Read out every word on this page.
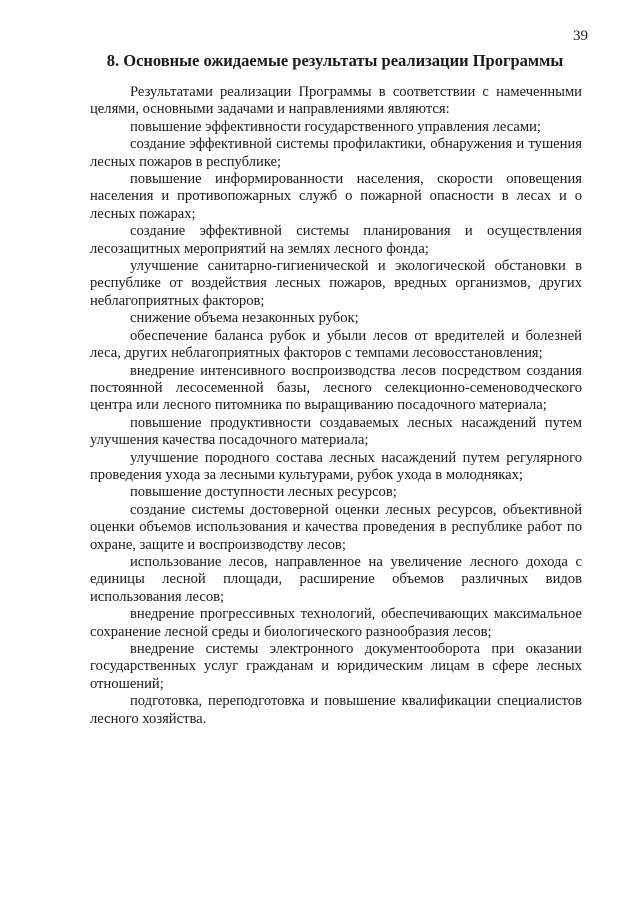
39
8. Основные ожидаемые результаты реализации Программы

Результатами реализации Программы в соответствии с намеченными целями, основными задачами и направлениями являются:

повышение эффективности государственного управления лесами;

создание эффективной системы профилактики, обнаружения и тушения лесных пожаров в республике;

повышение информированности населения, скорости оповещения населения и противопожарных служб о пожарной опасности в лесах и о лесных пожарах;

создание эффективной системы планирования и осуществления лесозащитных мероприятий на землях лесного фонда;

улучшение санитарно-гигиенической и экологической обстановки в республике от воздействия лесных пожаров, вредных организмов, других неблагоприятных факторов;

снижение объема незаконных рубок;

обеспечение баланса рубок и убыли лесов от вредителей и болезней леса, других неблагоприятных факторов с темпами лесовосстановления;

внедрение интенсивного воспроизводства лесов посредством создания постоянной лесосеменной базы, лесного селекционно-семеноводческого центра или лесного питомника по выращиванию посадочного материала;

повышение продуктивности создаваемых лесных насаждений путем улучшения качества посадочного материала;

улучшение породного состава лесных насаждений путем регулярного проведения ухода за лесными культурами, рубок ухода в молодняках;

повышение доступности лесных ресурсов;

создание системы достоверной оценки лесных ресурсов, объективной оценки объемов использования и качества проведения в республике работ по охране, защите и воспроизводству лесов;

использование лесов, направленное на увеличение лесного дохода с единицы лесной площади, расширение объемов различных видов использования лесов;

внедрение прогрессивных технологий, обеспечивающих максимальное сохранение лесной среды и биологического разнообразия лесов;

внедрение системы электронного документооборота при оказании государственных услуг гражданам и юридическим лицам в сфере лесных отношений;

подготовка, переподготовка и повышение квалификации специалистов лесного хозяйства.
